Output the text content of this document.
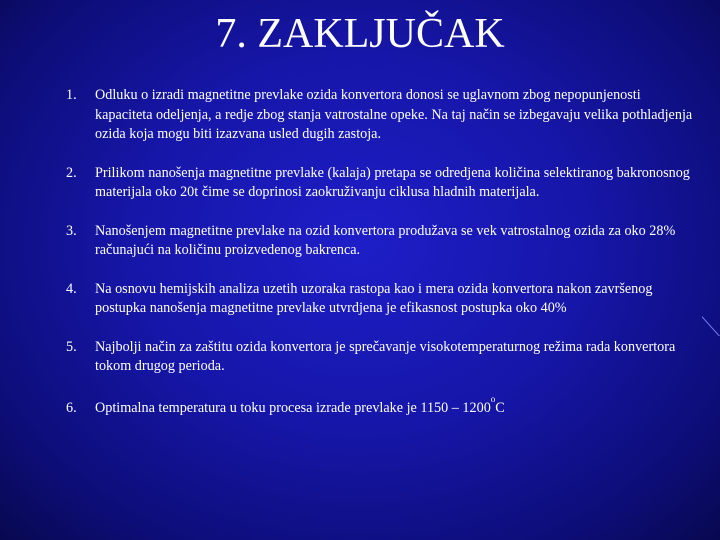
7. ZAKLJUČAK
1. Odluku o izradi magnetitne prevlake ozida konvertora donosi se uglavnom zbog nepopunjenosti kapaciteta odeljenja, a redje zbog stanja vatrostalne opeke. Na taj način se izbegavaju velika pothladjenja ozida koja mogu biti izazvana usled dugih zastoja.
2. Prilikom nanošenja magnetitne prevlake (kalaja) pretapa se odredjena količina selektiranog bakronosnog materijala oko 20t čime se doprinosi zaokruživanju ciklusa hladnih materijala.
3. Nanošenjem magnetitne prevlake na ozid konvertora produžava se vek vatrostalnog ozida za oko 28% računajući na količinu proizvedenog bakrenca.
4. Na osnovu hemijskih analiza uzetih uzoraka rastopa kao i mera ozida konvertora nakon završenog postupka nanošenja magnetitne prevlake utvrdjena je efikasnost postupka oko 40%
5. Najbolji način za zaštitu ozida konvertora je sprečavanje visokotemperaturnog režima rada konvertora tokom drugog perioda.
6. Optimalna temperatura u toku procesa izrade prevlake je 1150 – 1200$^o$C
